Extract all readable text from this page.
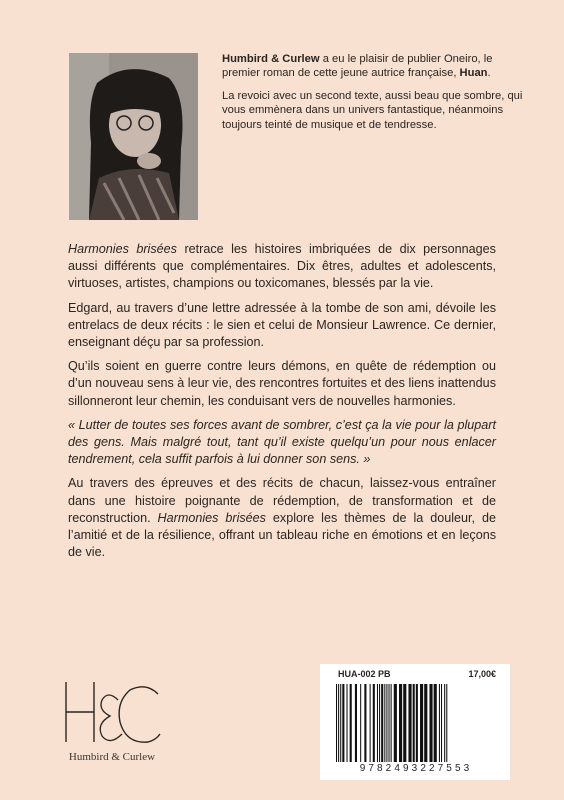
Humbird & Curlew a eu le plaisir de publier Oneiro, le premier roman de cette jeune autrice française, Huan.

La revoici avec un second texte, aussi beau que sombre, qui vous emmènera dans un univers fantastique, néanmoins toujours teinté de musique et de tendresse.

Harmonies brisées retrace les histoires imbriquées de dix personnages aussi différents que complémentaires. Dix êtres, adultes et adolescents, virtuoses, artistes, champions ou toxicomanes, blessés par la vie.

Edgard, au travers d’une lettre adressée à la tombe de son ami, dévoile les entrelacs de deux récits : le sien et celui de Monsieur Lawrence. Ce dernier, enseignant déçu par sa profession.

Qu’ils soient en guerre contre leurs démons, en quête de rédemption ou d’un nouveau sens à leur vie, des rencontres fortuites et des liens inattendus sillonneront leur chemin, les conduisant vers de nouvelles harmonies.

« Lutter de toutes ses forces avant de sombrer, c’est ça la vie pour la plupart des gens. Mais malgré tout, tant qu’il existe quelqu’un pour nous enlacer tendrement, cela suffit parfois à lui donner son sens. »

Au travers des épreuves et des récits de chacun, laissez-vous entraîner dans une histoire poignante de rédemption, de transformation et de reconstruction. Harmonies brisées explore les thèmes de la douleur, de l’amitié et de la résilience, offrant un tableau riche en émotions et en leçons de vie.

Humbird & Curlew
HUA-002 PB	17,00€
9782493227553
